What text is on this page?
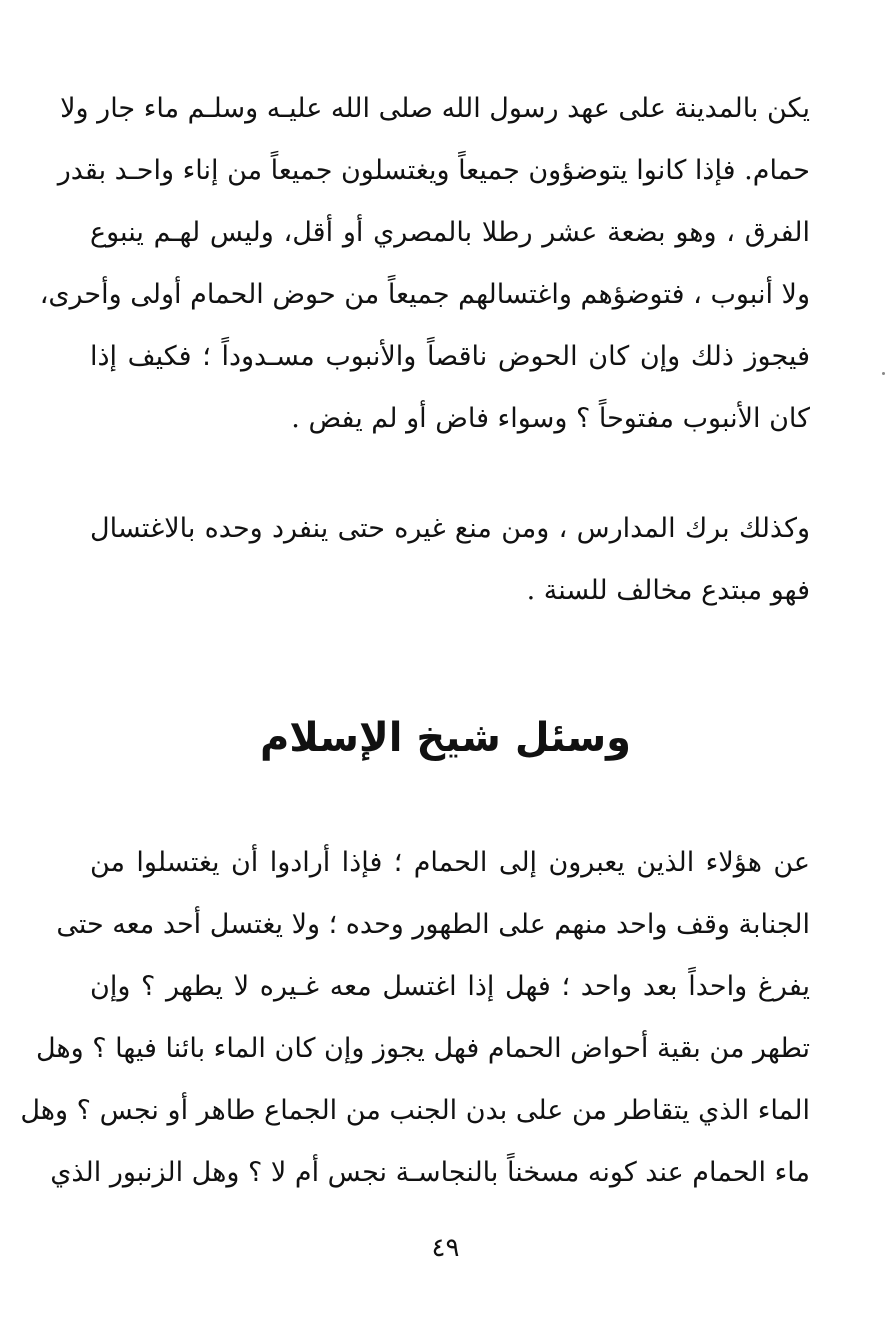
يكن بالمدينة على عهد رسول الله صلى الله عليـه وسلـم ماء جار ولا
حمام. فإذا كانوا يتوضؤون جميعاً ويغتسلون جميعاً من إناء واحـد بقدر
الفرق ، وهو بضعة عشر رطلا بالمصري أو أقل، وليس لهـم ينبوع
ولا أنبوب ، فتوضؤهم واغتسالهم جميعاً من حوض الحمام أولى وأحرى،
فيجوز ذلك وإن كان الحوض ناقصاً والأنبوب مسـدوداً ؛ فكيف إذا
كان الأنبوب مفتوحاً ؟ وسواء فاض أو لم يفض .

وكذلك برك المدارس ، ومن منع غيره حتى ينفرد وحده بالاغتسال
فهو مبتدع مخالف للسنة .

وسئل شيخ الإسلام

عن هؤلاء الذين يعبرون إلى الحمام ؛ فإذا أرادوا أن يغتسلوا من
الجنابة وقف واحد منهم على الطهور وحده ؛ ولا يغتسل أحد معه حتى
يفرغ واحداً بعد واحد ؛ فهل إذا اغتسل معه غـيره لا يطهر ؟ وإن
تطهر من بقية أحواض الحمام فهل يجوز وإن كان الماء بائنا فيها ؟ وهل
الماء الذي يتقاطر من على بدن الجنب من الجماع طاهر أو نجس ؟ وهل
ماء الحمام عند كونه مسخناً بالنجاسـة نجس أم لا ؟ وهل الزنبور الذي

٤٩
